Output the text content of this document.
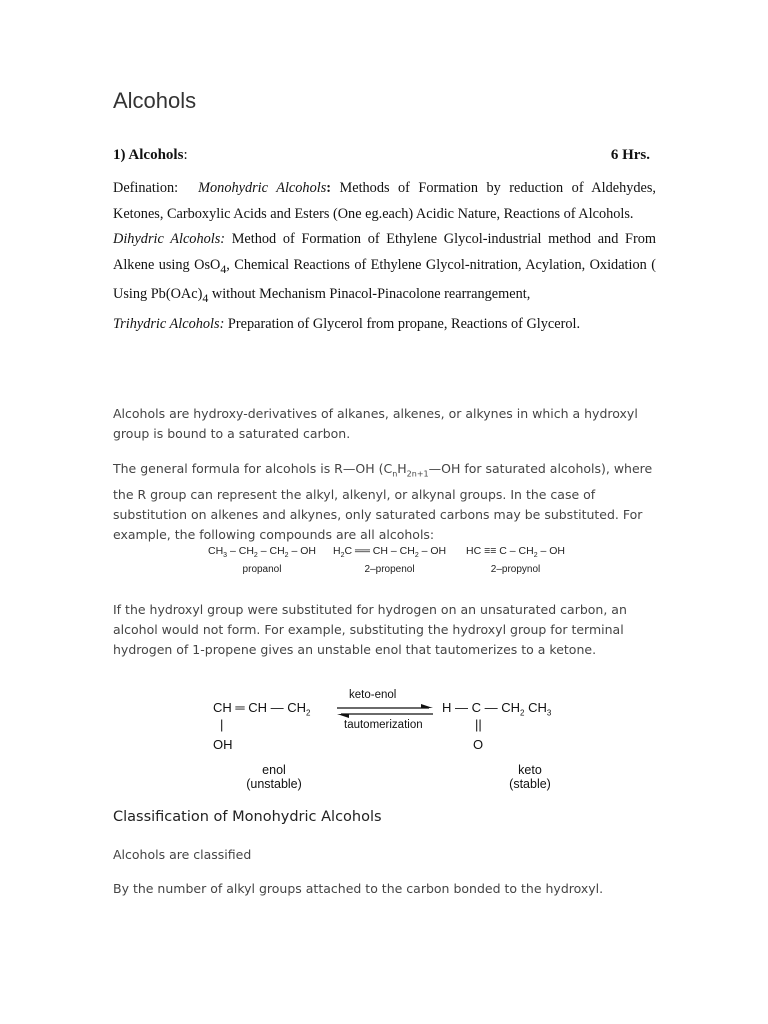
Alcohols
1) Alcohols:	6 Hrs.

Defination: Monohydric Alcohols: Methods of Formation by reduction of Aldehydes, Ketones, Carboxylic Acids and Esters (One eg.each) Acidic Nature, Reactions of Alcohols.

Dihydric Alcohols: Method of Formation of Ethylene Glycol-industrial method and From Alkene using OsO$_4$, Chemical Reactions of Ethylene Glycol-nitration, Acylation, Oxidation ( Using $Pb(OAc)_4$ without Mechanism Pinacol-Pinacolone rearrangement,

Trihydric Alcohols: Preparation of Glycerol from propane, Reactions of Glycerol.

Alcohols are hydroxy-derivatives of alkanes, alkenes, or alkynes in which a hydroxyl group is bound to a saturated carbon.
The general formula for alcohols is R—OH ($C_nH_{2n+1}—OH$ for saturated alcohols), where the R group can represent the alkyl, alkenyl, or alkynal groups. In the case of substitution on alkenes and alkynes, only saturated carbons may be substituted. For example, the following compounds are all alcohols:
$CH_3 - CH_2 - CH_2$ – OH
propanol
$H_2C$ ══ CH – $CH_2$ – OH
2–propenol
HC ≡≡ C – $CH_2$ – OH
2–propynol
If the hydroxyl group were substituted for hydrogen on an unsaturated carbon, an alcohol would not form. For example, substituting the hydroxyl group for terminal hydrogen of 1-propene gives an unstable enol that tautomerizes to a ketone.
CH ═ CH — $CH_2$
|
OH
keto-enol
tautomerization
H — C — $CH_2$ $CH_3$
||
O
enol
(unstable)
keto
(stable)
Classification of Monohydric Alcohols
Alcohols are classified
By the number of alkyl groups attached to the carbon bonded to the hydroxyl.
